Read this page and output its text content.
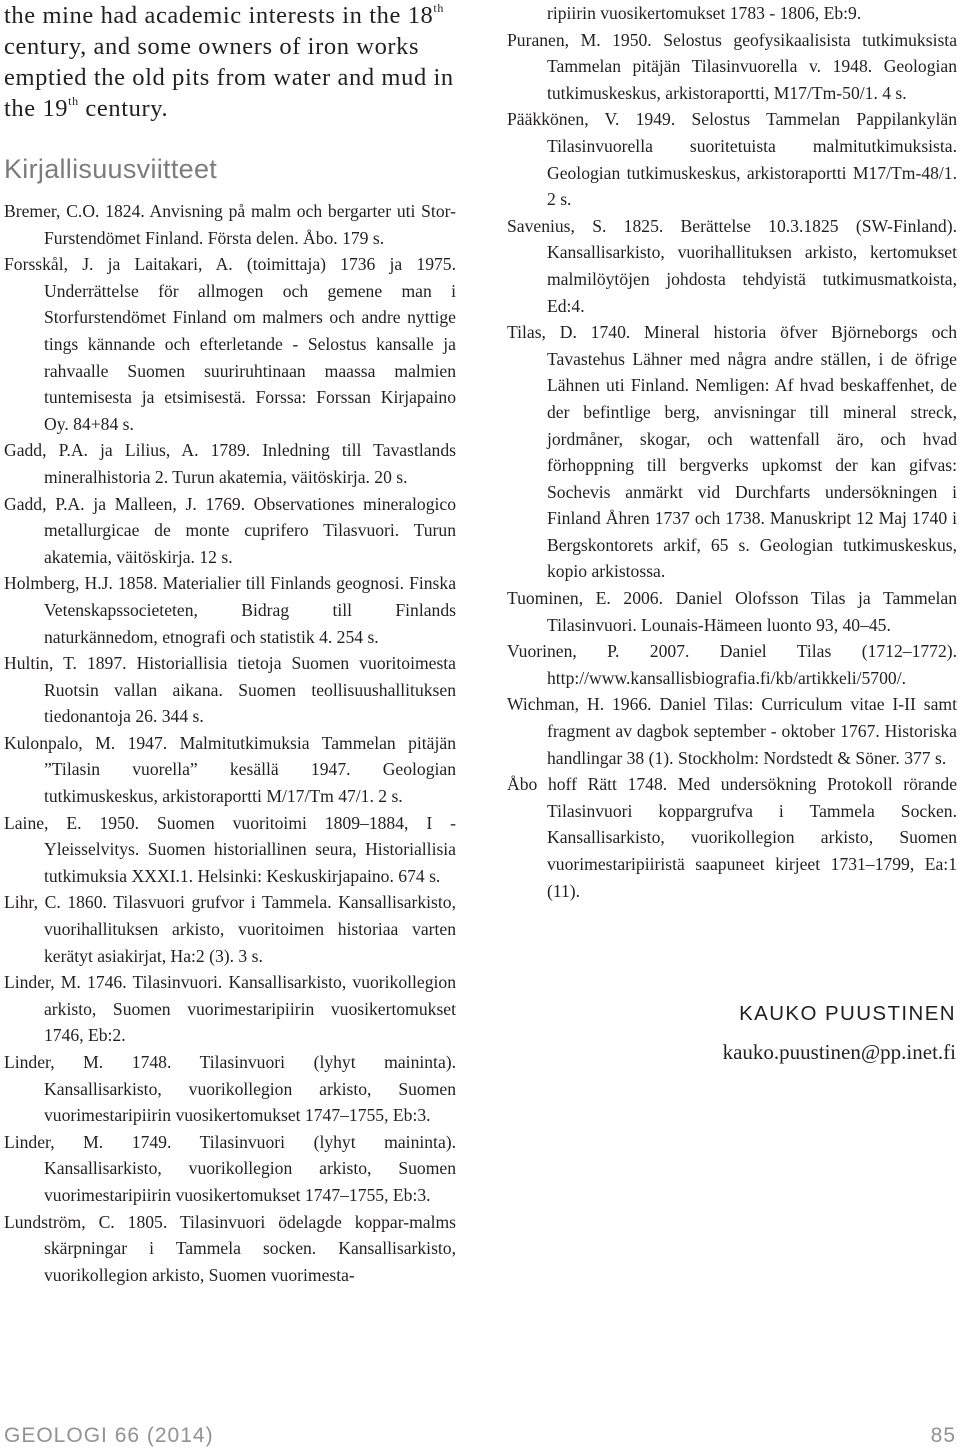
the mine had academic interests in the 18th century, and some owners of iron works emptied the old pits from water and mud in the 19th century.

Kirjallisuusviitteet
Bremer, C.O. 1824. Anvisning på malm och bergarter uti Stor-Furstendömet Finland. Första delen. Åbo. 179 s.
Forsskål, J. ja Laitakari, A. (toimittaja) 1736 ja 1975. Underrättelse för allmogen och gemene man i Storfurstendömet Finland om malmers och andre nyttige tings kännande och efterletande - Selostus kansalle ja rahvaalle Suomen suuriruhtinaan maassa malmien tuntemisesta ja etsimisestä. Forssa: Forssan Kirjapaino Oy. 84+84 s.
Gadd, P.A. ja Lilius, A. 1789. Inledning till Tavastlands mineralhistoria 2. Turun akatemia, väitöskirja. 20 s.
Gadd, P.A. ja Malleen, J. 1769. Observationes mineralogico metallurgicae de monte cuprifero Tilasvuori. Turun akatemia, väitöskirja. 12 s.
Holmberg, H.J. 1858. Materialier till Finlands geognosi. Finska Vetenskapssocieteten, Bidrag till Finlands naturkännedom, etnografi och statistik 4. 254 s.
Hultin, T. 1897. Historiallisia tietoja Suomen vuoritoimesta Ruotsin vallan aikana. Suomen teollisuushallituksen tiedonantoja 26. 344 s.
Kulonpalo, M. 1947. Malmitutkimuksia Tammelan pitäjän ”Tilasin vuorella” kesällä 1947. Geologian tutkimuskeskus, arkistoraportti M/17/Tm 47/1. 2 s.
Laine, E. 1950. Suomen vuoritoimi 1809–1884, I - Yleisselvitys. Suomen historiallinen seura, Historiallisia tutkimuksia XXXI.1. Helsinki: Keskuskirjapaino. 674 s.
Lihr, C. 1860. Tilasvuori grufvor i Tammela. Kansallisarkisto, vuorihallituksen arkisto, vuoritoimen historiaa varten kerätyt asiakirjat, Ha:2 (3). 3 s.
Linder, M. 1746. Tilasinvuori. Kansallisarkisto, vuorikollegion arkisto, Suomen vuorimestaripiirin vuosikertomukset 1746, Eb:2.
Linder, M. 1748. Tilasinvuori (lyhyt maininta). Kansallisarkisto, vuorikollegion arkisto, Suomen vuorimestaripiirin vuosikertomukset 1747–1755, Eb:3.
Linder, M. 1749. Tilasinvuori (lyhyt maininta). Kansallisarkisto, vuorikollegion arkisto, Suomen vuorimestaripiirin vuosikertomukset 1747–1755, Eb:3.
Lundström, C. 1805. Tilasinvuori ödelagde koppar-malms skärpningar i Tammela socken. Kansallisarkisto, vuorikollegion arkisto, Suomen vuorimesta-

ripiirin vuosikertomukset 1783 - 1806, Eb:9.

Puranen, M. 1950. Selostus geofysikaalisista tutkimuksista Tammelan pitäjän Tilasinvuorella v. 1948. Geologian tutkimuskeskus, arkistoraportti, M17/Tm-50/1. 4 s.
Pääkkönen, V. 1949. Selostus Tammelan Pappilankylän Tilasinvuorella suoritetuista malmitutkimuksista. Geologian tutkimuskeskus, arkistoraportti M17/Tm-48/1. 2 s.
Savenius, S. 1825. Berättelse 10.3.1825 (SW-Finland). Kansallisarkisto, vuorihallituksen arkisto, kertomukset malmilöytöjen johdosta tehdyistä tutkimusmatkoista, Ed:4.
Tilas, D. 1740. Mineral historia öfver Björneborgs och Tavastehus Lähner med några andre ställen, i de öfrige Lähnen uti Finland. Nemligen: Af hvad beskaffenhet, de der befintlige berg, anvisningar till mineral streck, jordmåner, skogar, och wattenfall äro, och hvad förhoppning till bergverks upkomst der kan gifvas: Sochevis anmärkt vid Durchfarts undersökningen i Finland Åhren 1737 och 1738. Manuskript 12 Maj 1740 i Bergskontorets arkif, 65 s. Geologian tutkimuskeskus, kopio arkistossa.
Tuominen, E. 2006. Daniel Olofsson Tilas ja Tammelan Tilasinvuori. Lounais-Hämeen luonto 93, 40–45.
Vuorinen, P. 2007. Daniel Tilas (1712–1772). http://www.kansallisbiografia.fi/kb/artikkeli/5700/.
Wichman, H. 1966. Daniel Tilas: Curriculum vitae I-II samt fragment av dagbok september - oktober 1767. Historiska handlingar 38 (1). Stockholm: Nordstedt & Söner. 377 s.
Åbo hoff Rätt 1748. Med undersökning Protokoll rörande Tilasinvuori koppargrufva i Tammela Socken. Kansallisarkisto, vuorikollegion arkisto, Suomen vuorimestaripiiristä saapuneet kirjeet 1731–1799, Ea:1 (11).

KAUKO PUUSTINEN

kauko.puustinen@pp.inet.fi

GEOLOGI 66 (2014)	85
